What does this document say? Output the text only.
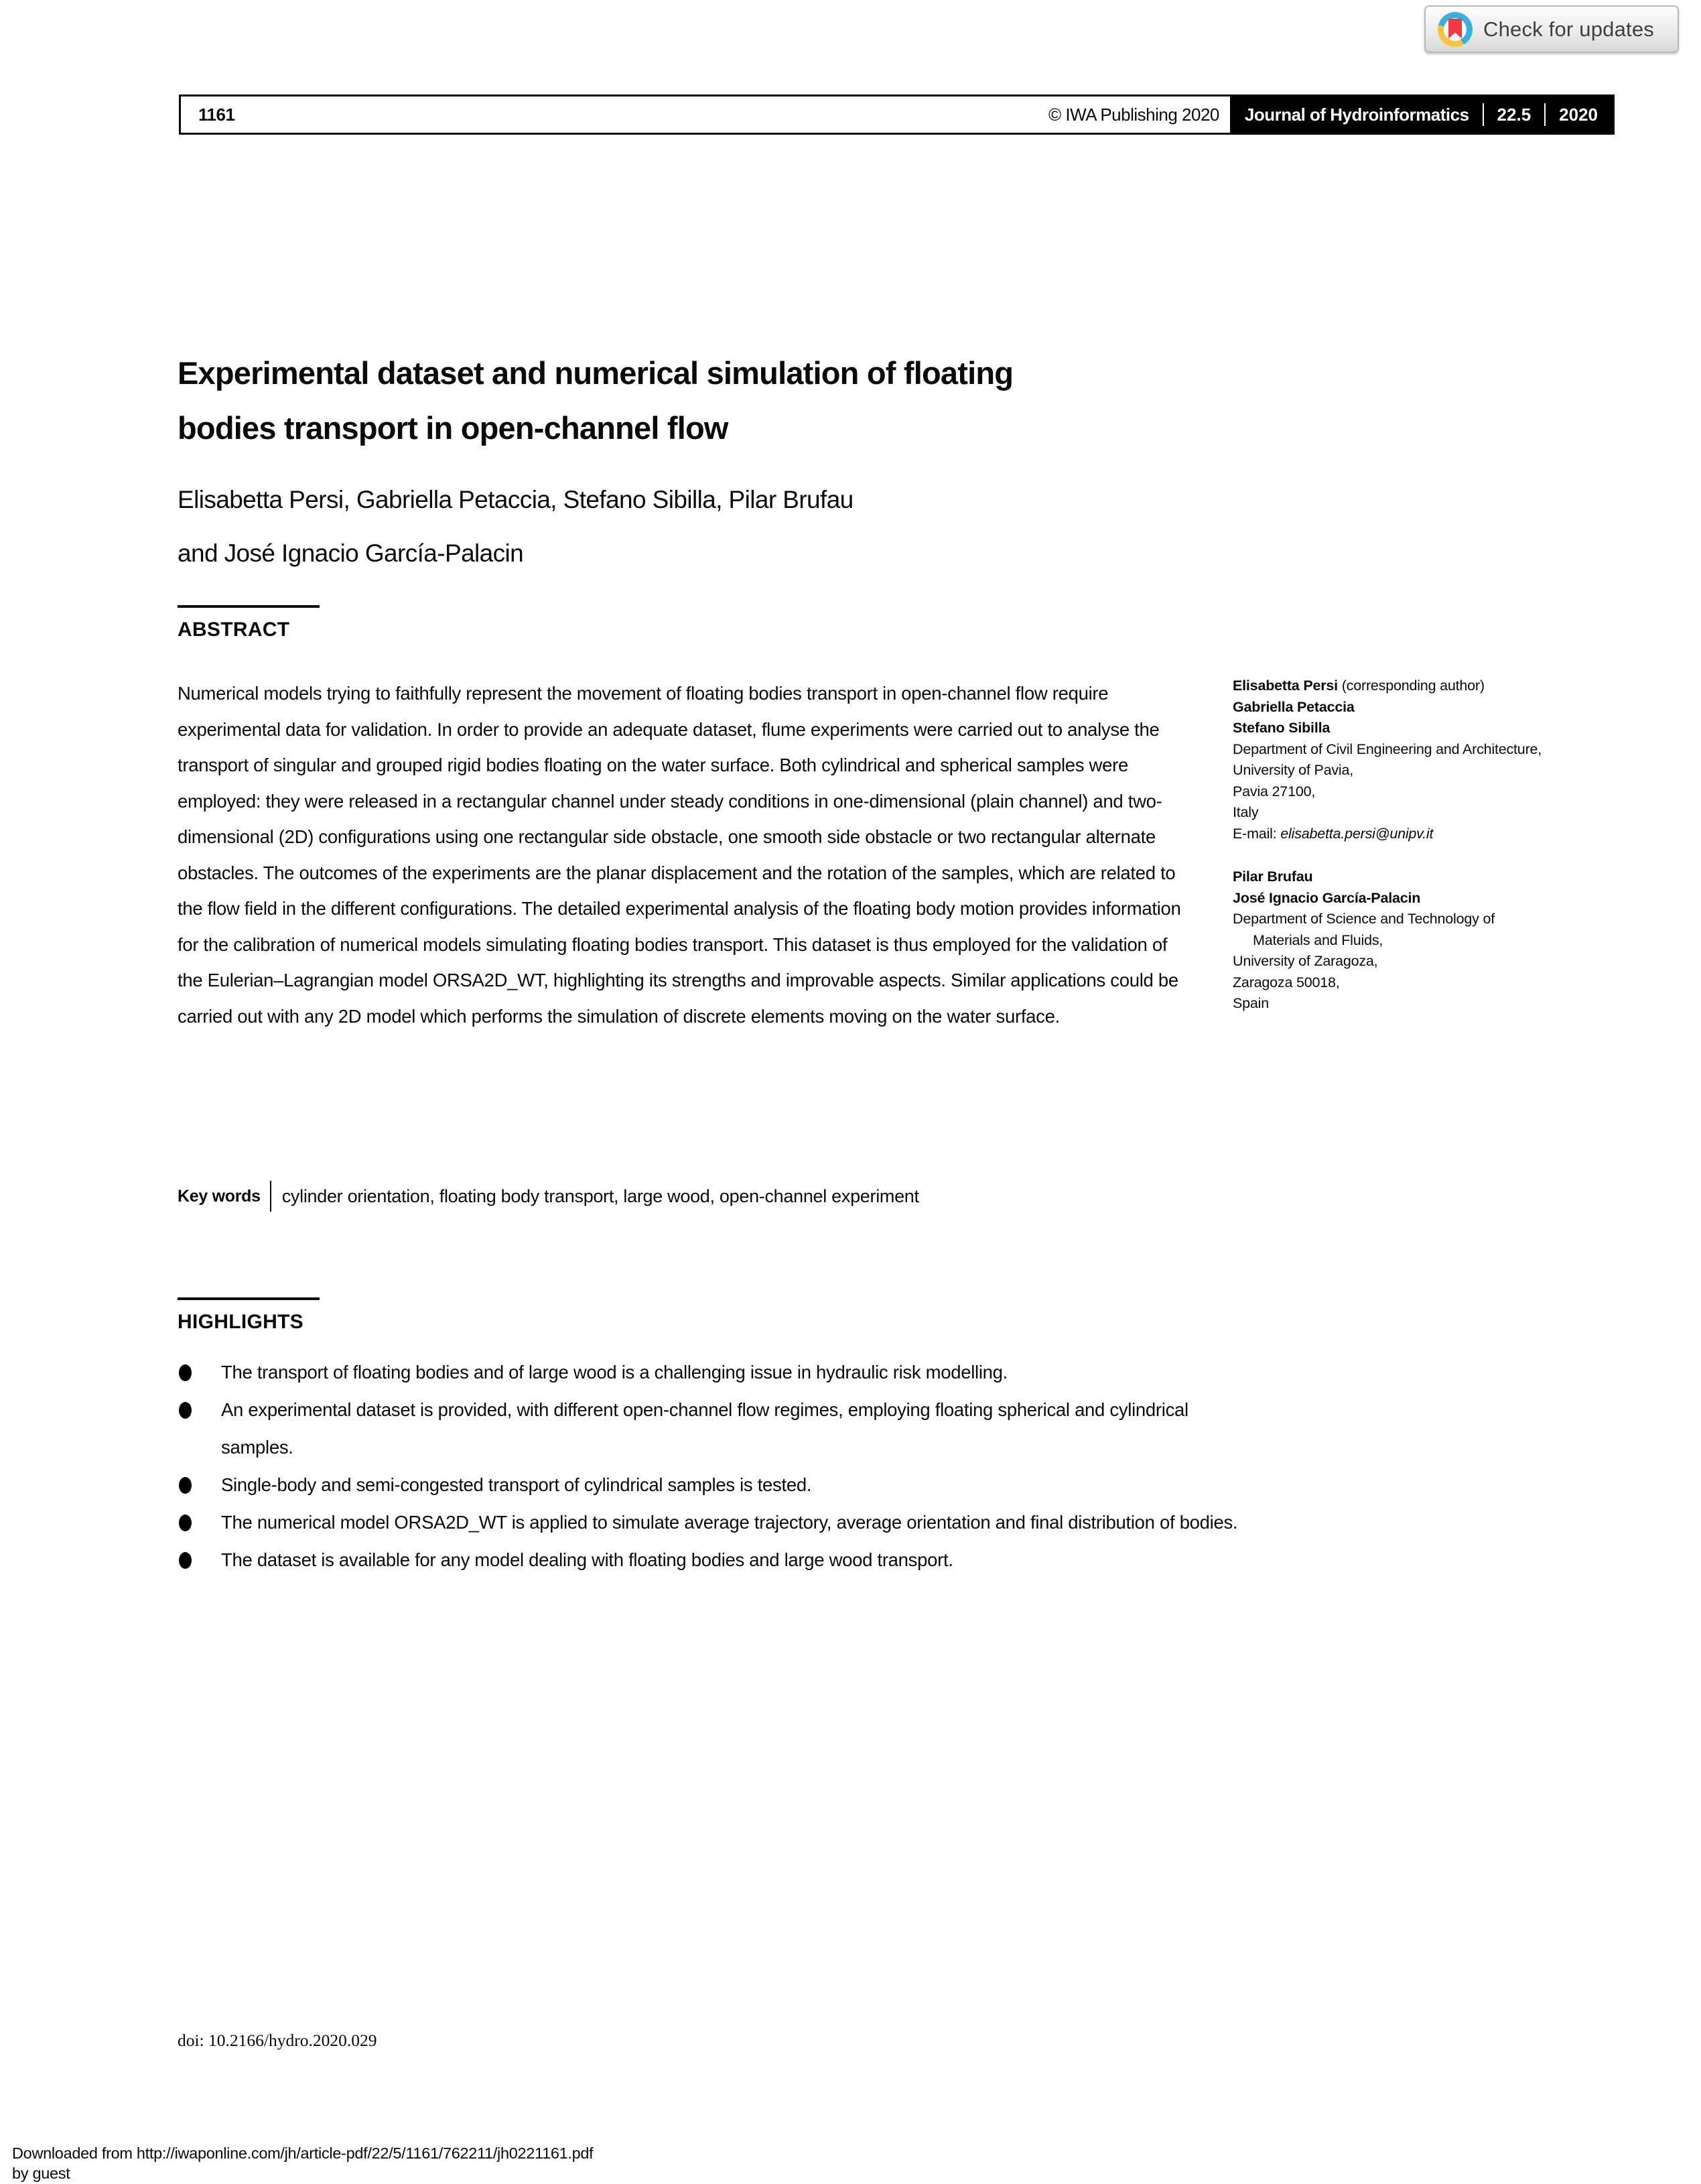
Check for updates
1161	© IWA Publishing 2020 Journal of Hydroinformatics 22.5 2020
Experimental dataset and numerical simulation of floating
bodies transport in open-channel flow
Elisabetta Persi, Gabriella Petaccia, Stefano Sibilla, Pilar Brufau
and José Ignacio García-Palacin
ABSTRACT
Numerical models trying to faithfully represent the movement of floating bodies transport in open-channel flow require experimental data for validation. In order to provide an adequate dataset, flume experiments were carried out to analyse the transport of singular and grouped rigid bodies floating on the water surface. Both cylindrical and spherical samples were employed: they were released in a rectangular channel under steady conditions in one-dimensional (plain channel) and two-dimensional (2D) configurations using one rectangular side obstacle, one smooth side obstacle or two rectangular alternate obstacles. The outcomes of the experiments are the planar displacement and the rotation of the samples, which are related to the flow field in the different configurations. The detailed experimental analysis of the floating body motion provides information for the calibration of numerical models simulating floating bodies transport. This dataset is thus employed for the validation of the Eulerian–Lagrangian model ORSA2D_WT, highlighting its strengths and improvable aspects. Similar applications could be carried out with any 2D model which performs the simulation of discrete elements moving on the water surface.
Key words cylinder orientation, floating body transport, large wood, open-channel experiment
Elisabetta Persi (corresponding author)
Gabriella Petaccia
Stefano Sibilla
Department of Civil Engineering and Architecture,
University of Pavia,
Pavia 27100,
Italy
E-mail: elisabetta.persi@unipv.it
Pilar Brufau
José Ignacio García-Palacin
Department of Science and Technology of
Materials and Fluids,
University of Zaragoza,
Zaragoza 50018,
Spain
HIGHLIGHTS
The transport of floating bodies and of large wood is a challenging issue in hydraulic risk modelling.
An experimental dataset is provided, with different open-channel flow regimes, employing floating spherical and cylindrical samples.
Single-body and semi-congested transport of cylindrical samples is tested.
The numerical model ORSA2D_WT is applied to simulate average trajectory, average orientation and final distribution of bodies.
The dataset is available for any model dealing with floating bodies and large wood transport.
doi: 10.2166/hydro.2020.029
Downloaded from http://iwaponline.com/jh/article-pdf/22/5/1161/762211/jh0221161.pdf
by guest
